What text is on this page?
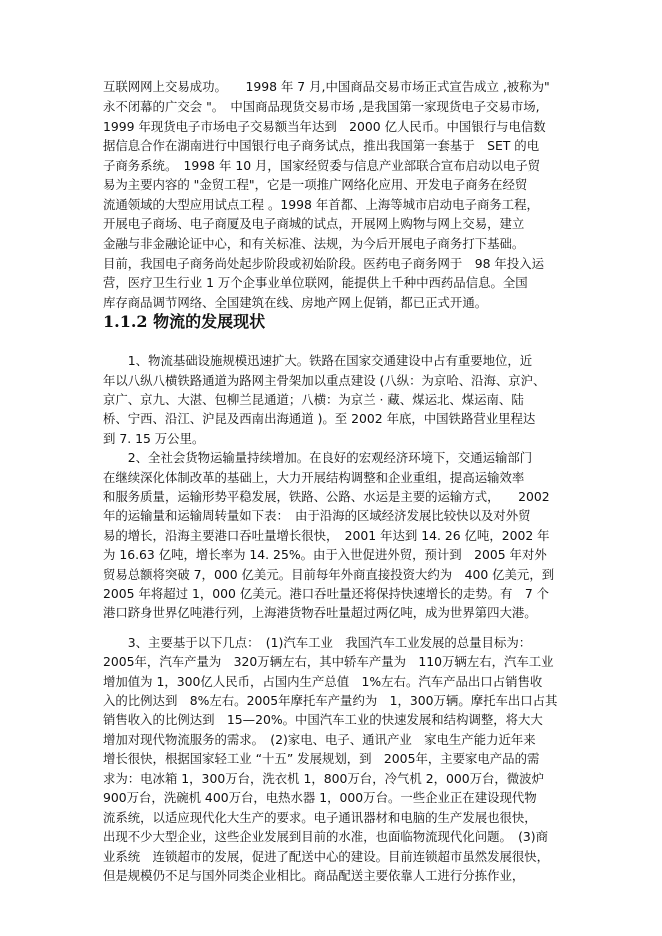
互联网网上交易成功。　　1998 年 7 月,中国商品交易市场正式宣告成立 ,被称为"
永不闭幕的广交会 "。　中国商品现货交易市场 ,是我国第一家现货电子交易市场,
1999 年现货电子市场电子交易额当年达到　2000 亿人民币。中国银行与电信数
据信息合作在湖南进行中国银行电子商务试点，推出我国第一套基于　SET 的电
子商务系统。　1998 年 10 月，国家经贸委与信息产业部联合宣布启动以电子贸
易为主要内容的 "金贸工程"，它是一项推广网络化应用、开发电子商务在经贸
流通领域的大型应用试点工程 。1998 年首都、上海等城市启动电子商务工程，
开展电子商场、电子商厦及电子商城的试点，开展网上购物与网上交易，建立
金融与非金融论证中心，和有关标准、法规，为今后开展电子商务打下基础。
目前，我国电子商务尚处起步阶段或初始阶段。医药电子商务网于　98 年投入运
营，医疗卫生行业 1 万个企事业单位联网，能提供上千种中西药品信息。全国
库存商品调节网络、全国建筑在线、房地产网上促销，都已正式开通。
1.1.2 物流的发展现状
　　1、物流基础设施规模迅速扩大。铁路在国家交通建设中占有重要地位，近
年以八纵八横铁路通道为路网主骨架加以重点建设 (八纵：为京哈、沿海、京沪、
京广、京九、大湛、包柳兰昆通道；八横：为京兰 · 藏、煤运北、煤运南、陆
桥、宁西、沿江、沪昆及西南出海通道 )。至 2002 年底，中国铁路营业里程达
到 7. 15 万公里。
　　2、全社会货物运输量持续增加。在良好的宏观经济环境下，交通运输部门
在继续深化体制改革的基础上，大力开展结构调整和企业重组，提高运输效率
和服务质量，运输形势平稳发展，铁路、公路、水运是主要的运输方式，　　2002
年的运输量和运输周转量如下表：　由于沿海的区域经济发展比较快以及对外贸
易的增长，沿海主要港口吞吐量增长很快，　2001 年达到 14. 26 亿吨，2002 年
为 16.63 亿吨，增长率为 14. 25%。由于入世促进外贸，预计到　2005 年对外
贸易总额将突破 7，000 亿美元。目前每年外商直接投资大约为　400 亿美元，到
2005 年将超过 1，000 亿美元。港口吞吐量还将保持快速增长的走势。有　7 个
港口跻身世界亿吨港行列，上海港货物吞吐量超过两亿吨，成为世界第四大港。
　　3、主要基于以下几点：　(1)汽车工业　我国汽车工业发展的总量目标为：
2005年，汽车产量为　320万辆左右，其中轿车产量为　110万辆左右，汽车工业
增加值为 1，300亿人民币，占国内生产总值　1%左右。汽车产品出口占销售收
入的比例达到　8%左右。2005年摩托车产量约为　1，300万辆。摩托车出口占其
销售收入的比例达到　15—20%。中国汽车工业的快速发展和结构调整，将大大
增加对现代物流服务的需求。　(2)家电、电子、通讯产业　家电生产能力近年来
增长很快，根据国家轻工业 “十五” 发展规划，到　2005年，主要家电产品的需
求为：电冰箱 1，300万台，洗衣机 1，800万台，冷气机 2，000万台，微波炉
900万台，洗碗机 400万台，电热水器 1，000万台。一些企业正在建设现代物
流系统，以适应现代化大生产的要求。电子通讯器材和电脑的生产发展也很快，
出现不少大型企业，这些企业发展到目前的水准，也面临物流现代化问题。　(3)商
业系统　连锁超市的发展，促进了配送中心的建设。目前连锁超市虽然发展很快，
但是规模仍不足与国外同类企业相比。商品配送主要依靠人工进行分拣作业，
